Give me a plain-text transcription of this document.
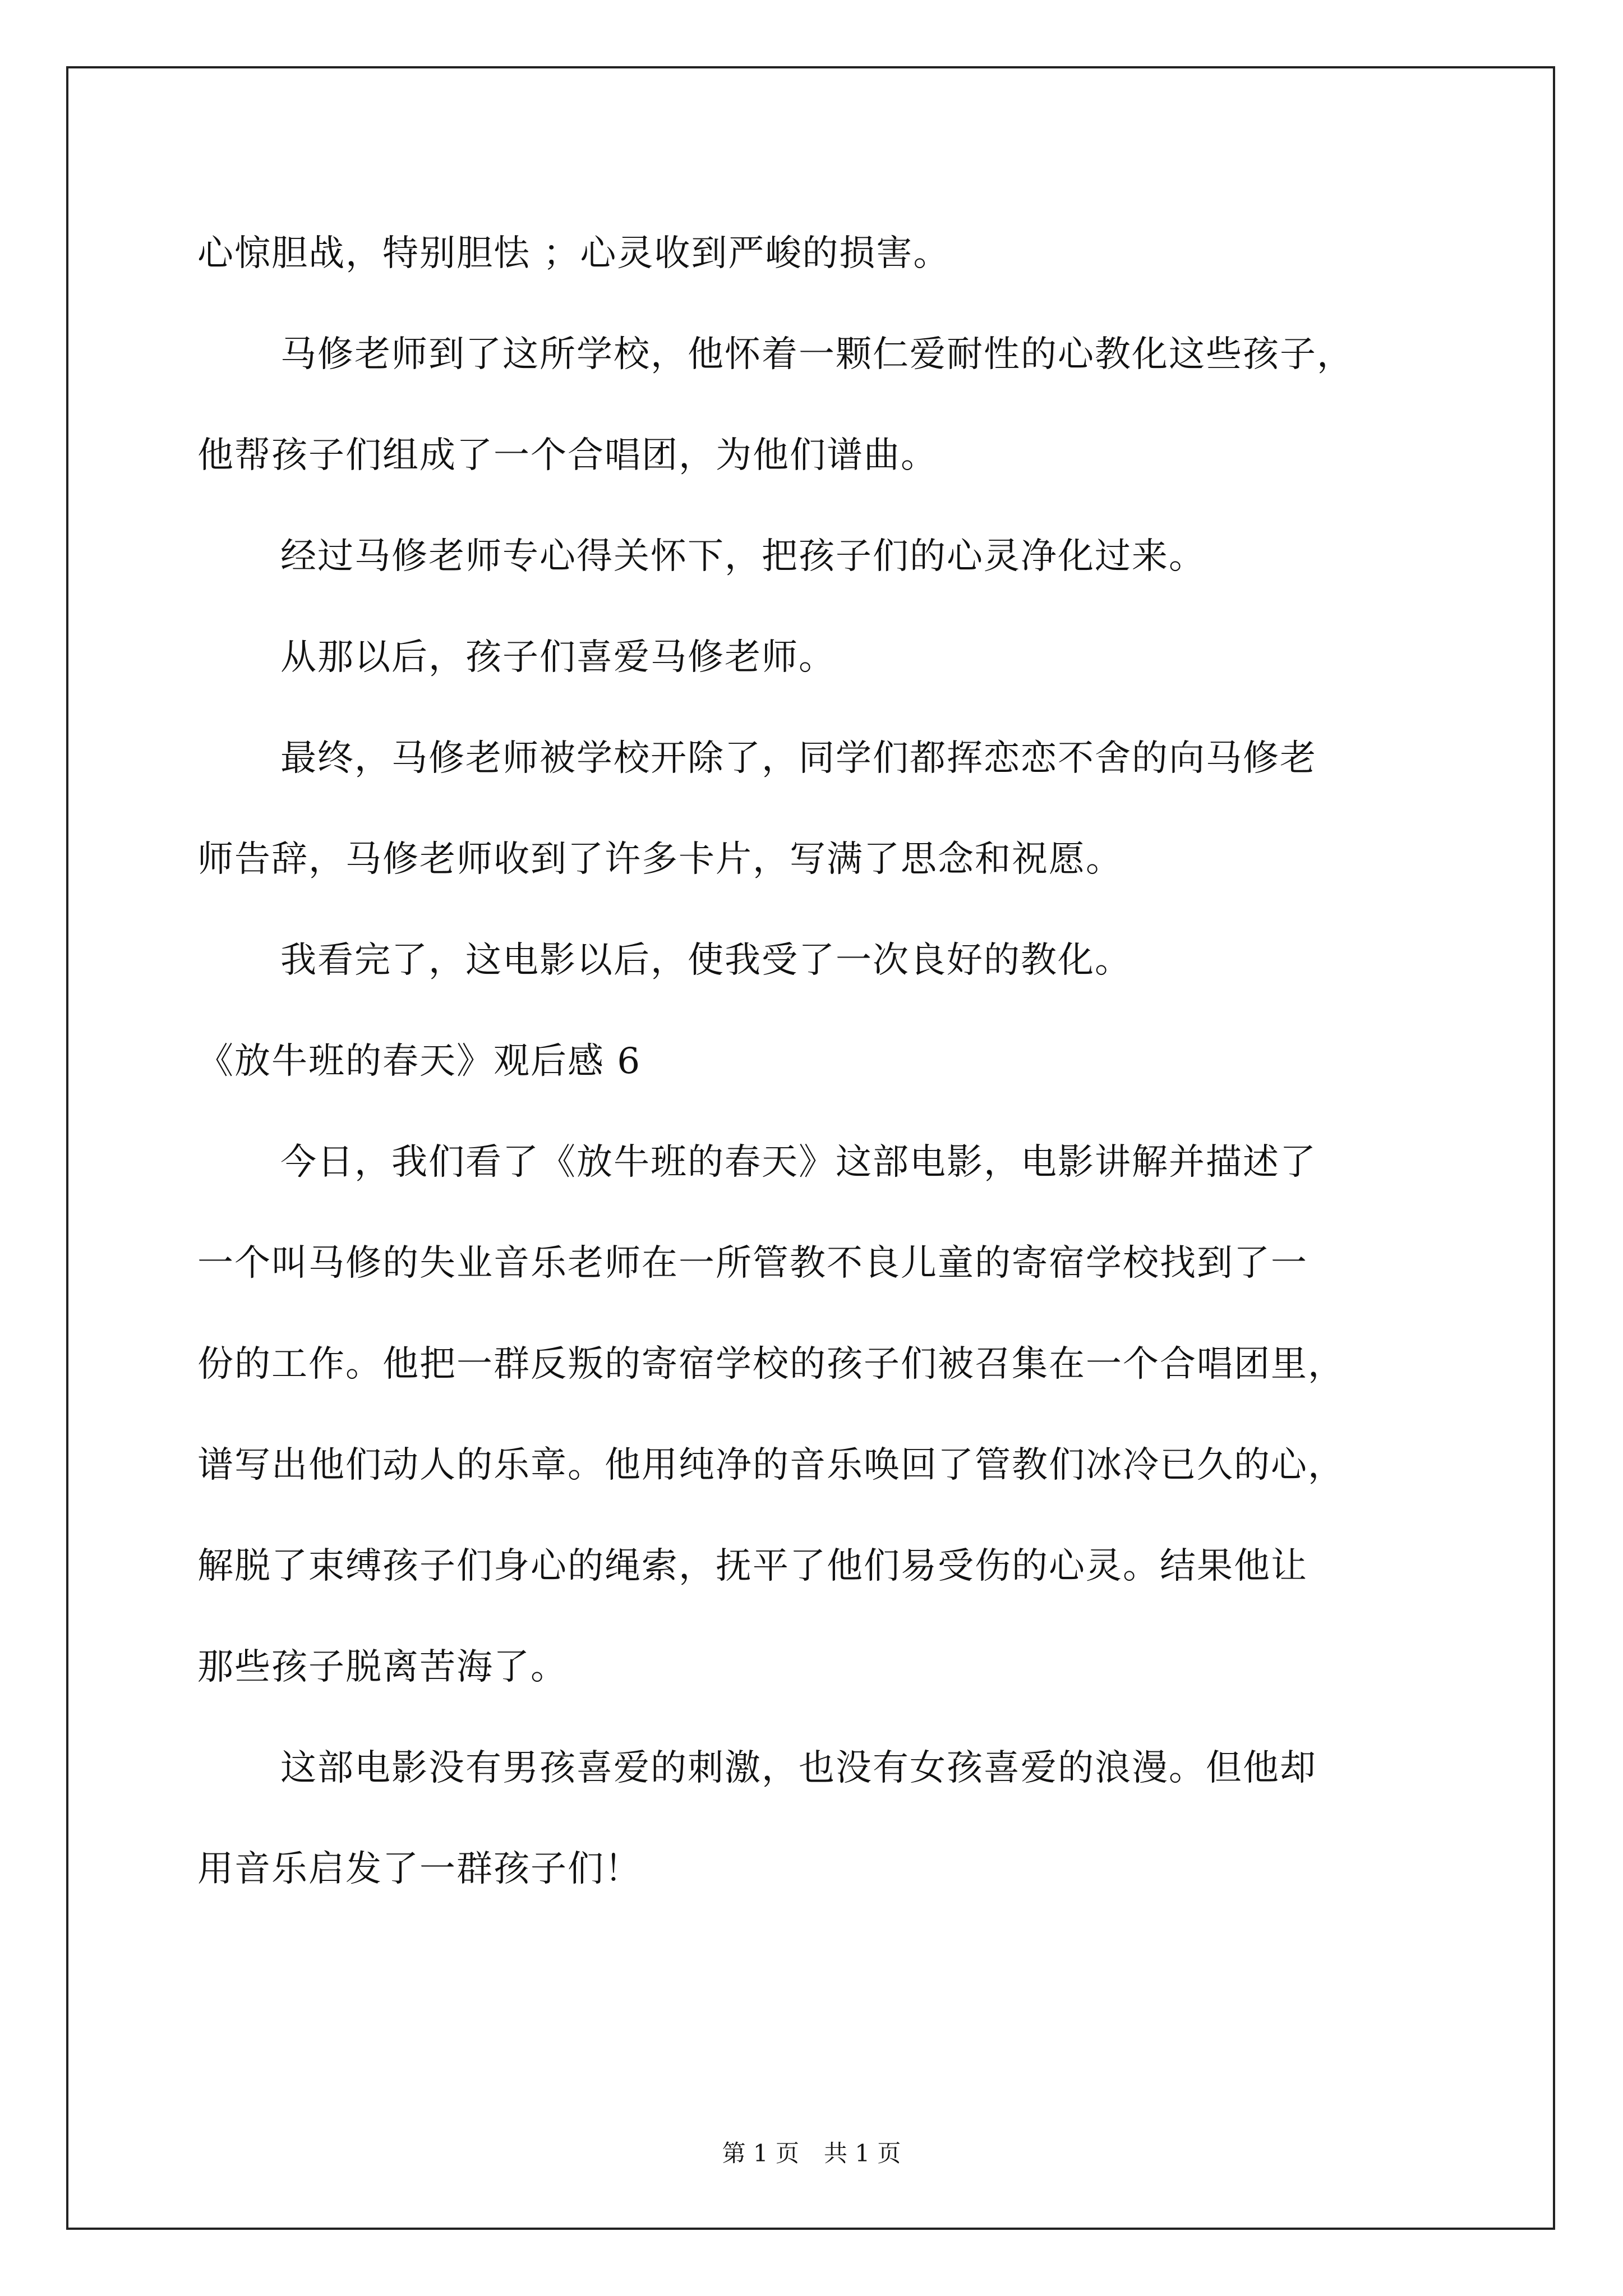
心惊胆战，特别胆怯 ；心灵收到严峻的损害。
马修老师到了这所学校，他怀着一颗仁爱耐性的心教化这些孩子，
他帮孩子们组成了一个合唱团，为他们谱曲。
经过马修老师专心得关怀下，把孩子们的心灵净化过来。
从那以后，孩子们喜爱马修老师。
最终，马修老师被学校开除了，同学们都挥恋恋不舍的向马修老
师告辞，马修老师收到了许多卡片，写满了思念和祝愿。
我看完了，这电影以后，使我受了一次良好的教化。
《放牛班的春天》观后感 6
今日，我们看了《放牛班的春天》这部电影，电影讲解并描述了
一个叫马修的失业音乐老师在一所管教不良儿童的寄宿学校找到了一
份的工作。他把一群反叛的寄宿学校的孩子们被召集在一个合唱团里，
谱写出他们动人的乐章。他用纯净的音乐唤回了管教们冰冷已久的心，
解脱了束缚孩子们身心的绳索，抚平了他们易受伤的心灵。结果他让
那些孩子脱离苦海了。
这部电影没有男孩喜爱的刺激，也没有女孩喜爱的浪漫。但他却
用音乐启发了一群孩子们！
第 1 页 共 1 页
